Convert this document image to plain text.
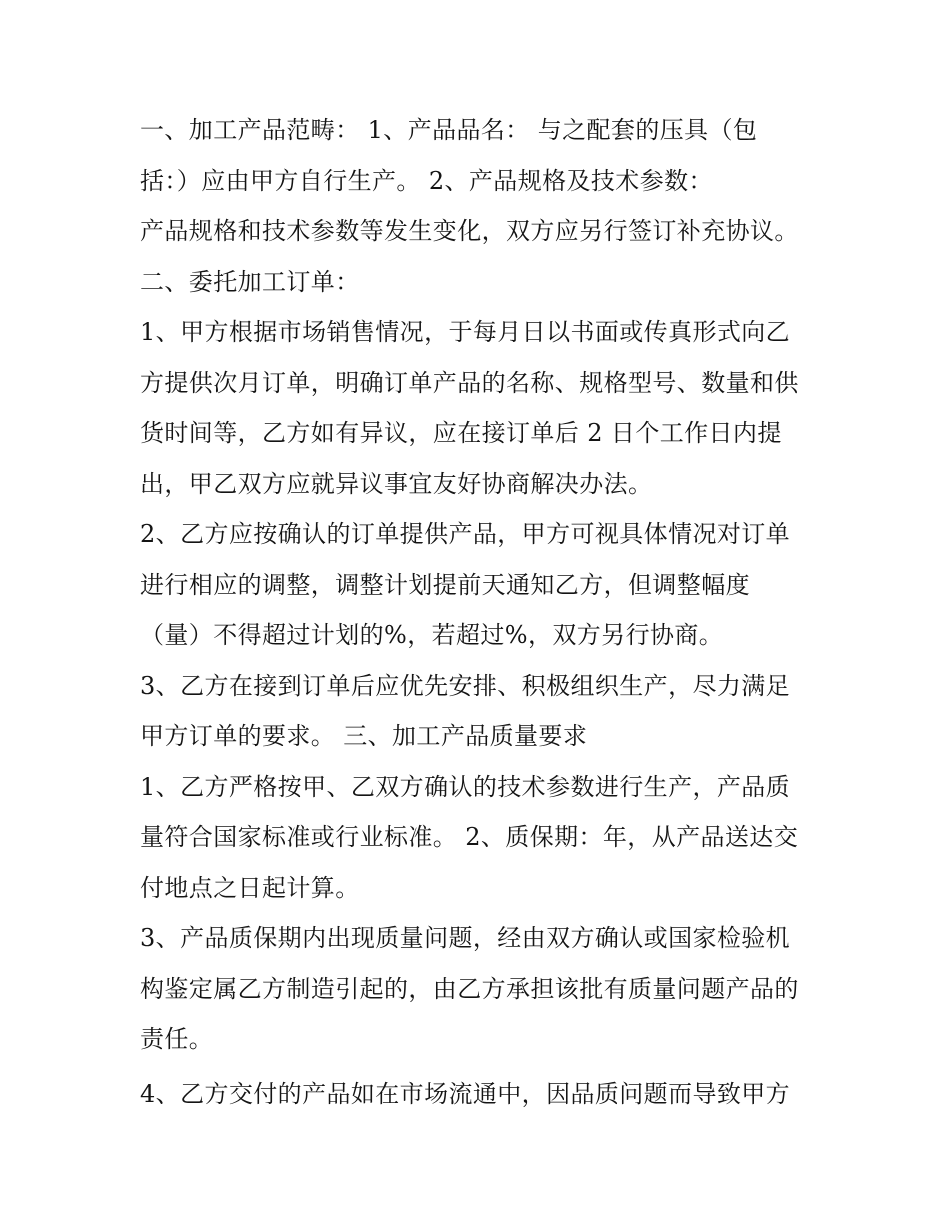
一、加工产品范畴： 1、产品品名： 与之配套的压具（包
括：）应由甲方自行生产。 2、产品规格及技术参数：
产品规格和技术参数等发生变化，双方应另行签订补充协议。
二、委托加工订单：
1、甲方根据市场销售情况，于每月日以书面或传真形式向乙
方提供次月订单，明确订单产品的名称、规格型号、数量和供
货时间等，乙方如有异议，应在接订单后 2 日个工作日内提
出，甲乙双方应就异议事宜友好协商解决办法。
2、乙方应按确认的订单提供产品，甲方可视具体情况对订单
进行相应的调整，调整计划提前天通知乙方，但调整幅度
（量）不得超过计划的%，若超过%，双方另行协商。
3、乙方在接到订单后应优先安排、积极组织生产，尽力满足
甲方订单的要求。 三、加工产品质量要求
1、乙方严格按甲、乙双方确认的技术参数进行生产，产品质
量符合国家标准或行业标准。 2、质保期：年，从产品送达交
付地点之日起计算。
3、产品质保期内出现质量问题，经由双方确认或国家检验机
构鉴定属乙方制造引起的，由乙方承担该批有质量问题产品的
责任。
4、乙方交付的产品如在市场流通中，因品质问题而导致甲方
